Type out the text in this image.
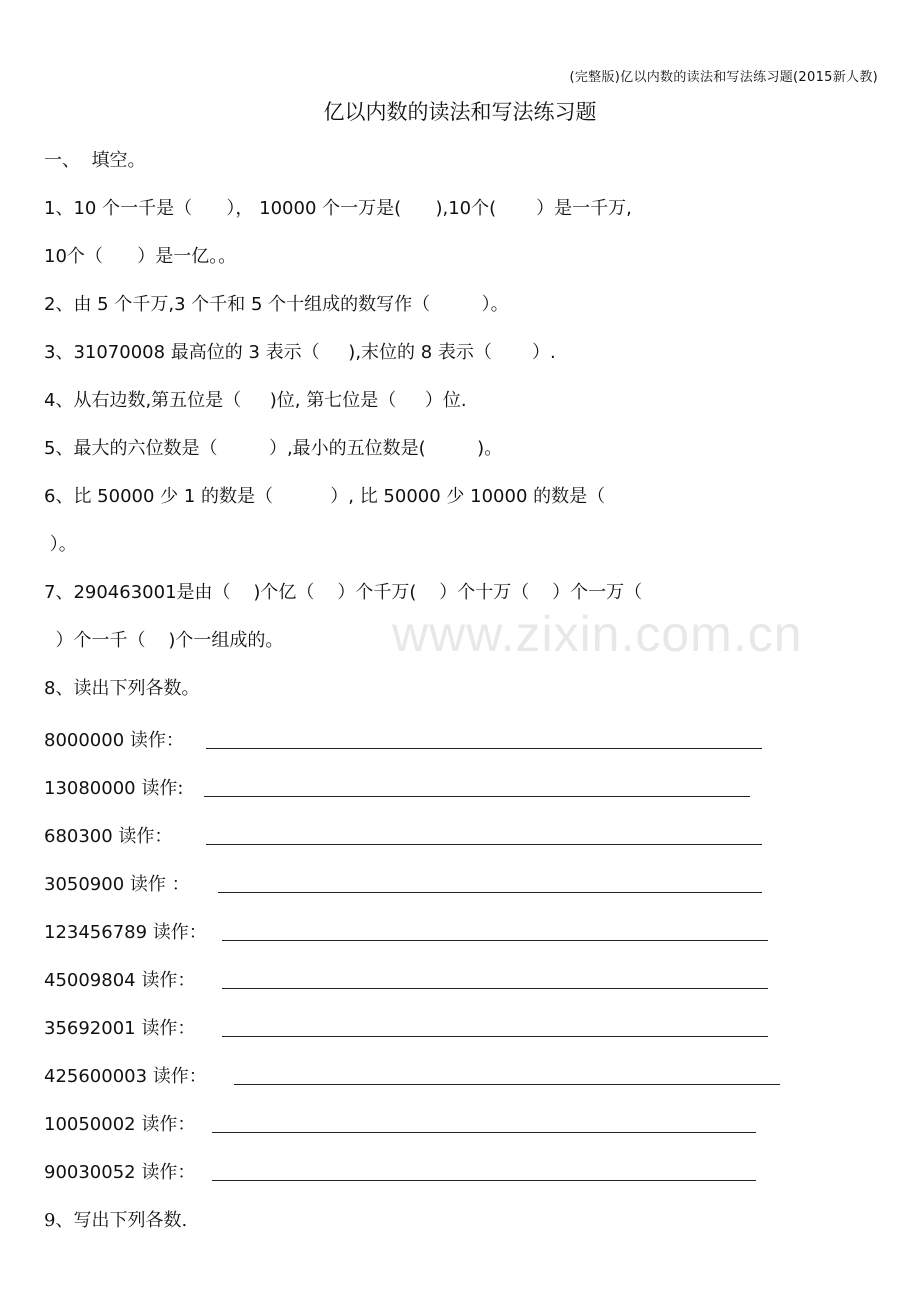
(完整版)亿以内数的读法和写法练习题(2015新人教)
亿以内数的读法和写法练习题
一、  填空。
1、10 个一千是（      ）， 10000 个一万是(      ),10个(       ）是一千万,
10个（      ）是一亿。。
2、由 5 个千万,3 个千和 5 个十组成的数写作（         ）。
3、31070008 最高位的 3 表示（     ),末位的 8 表示（       ）.
4、从右边数,第五位是（     )位, 第七位是（     ）位.
5、最大的六位数是（         ）,最小的五位数是(         )。
6、比 50000 少 1 的数是（          ）, 比 50000 少 10000 的数是（
）。
7、290463001是由（    )个亿（    ）个千万(    ）个十万（    ）个一万（
）个一千（    )个一组成的。
8、读出下列各数。
8000000 读作：
13080000 读作:
680300 读作：
3050900 读作 ：
123456789 读作：
45009804 读作：
35692001 读作：
425600003 读作：
10050002 读作：
90030052 读作：
9、写出下列各数.
www.zixin.com.cn
